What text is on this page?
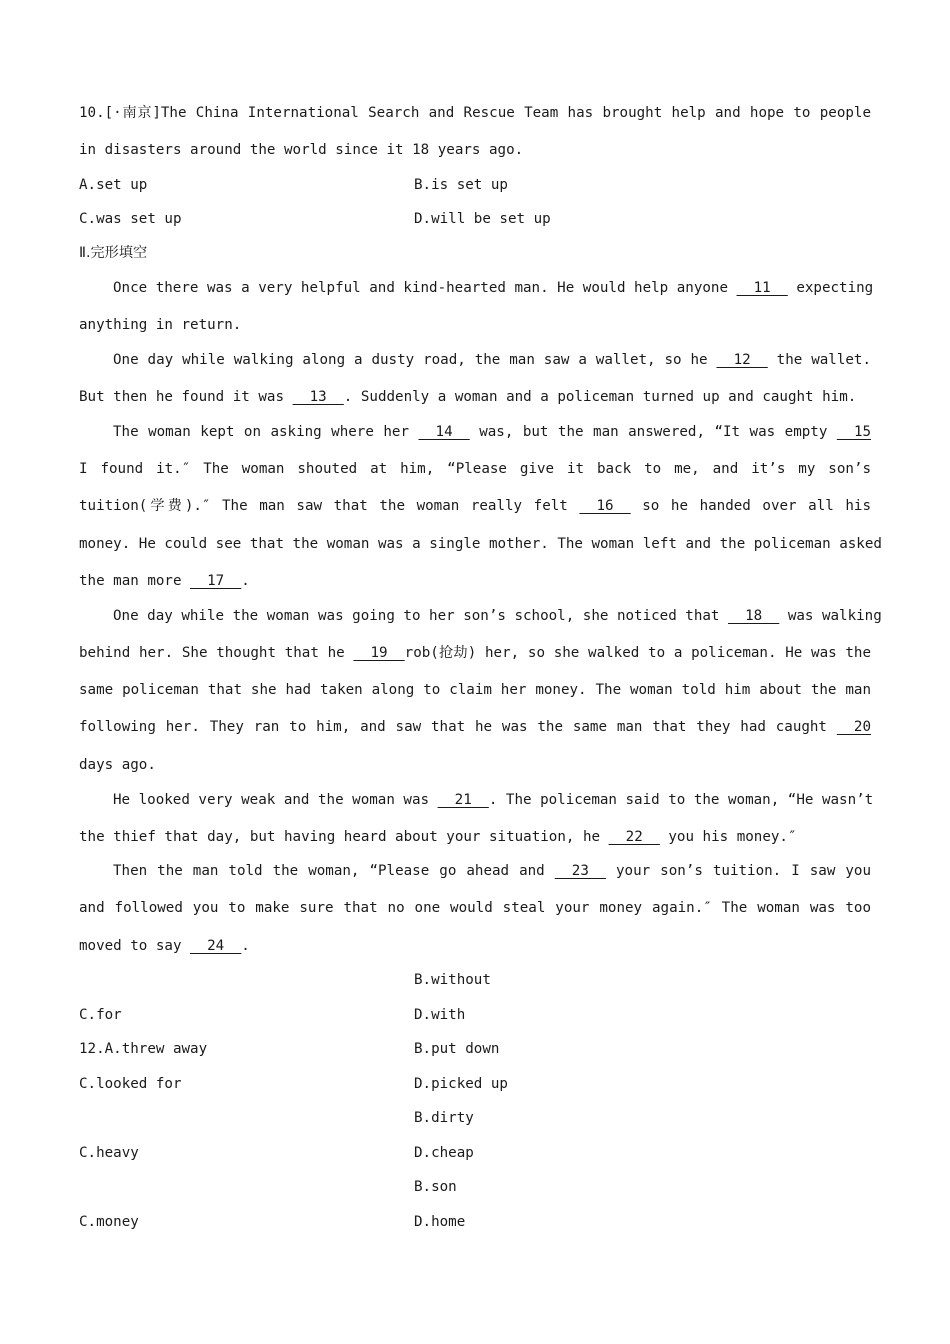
10.[·南京]The China International Search and Rescue Team has brought help and hope to people
in disasters around the world since it 18 years ago.
A.set up	B.is set up
C.was set up	D.will be set up
Ⅱ.完形填空
Once there was a very helpful and kind-hearted man. He would help anyone   11   expecting
anything in return.
One day while walking along a dusty road, the man saw a wallet, so he   12   the wallet.
But then he found it was   13  . Suddenly a woman and a policeman turned up and caught him.
The woman kept on asking where her   14   was, but the man answered, “It was empty   15
I found it.″ The woman shouted at him, “Please give it back to me, and it’s my son’s
tuition(学费).″ The man saw that the woman really felt   16   so he handed over all his
money. He could see that the woman was a single mother. The woman left and the policeman asked
the man more   17  .
One day while the woman was going to her son’s school, she noticed that   18   was walking
behind her. She thought that he   19  rob(抢劫) her, so she walked to a policeman. He was the
same policeman that she had taken along to claim her money. The woman told him about the man
following her. They ran to him, and saw that he was the same man that they had caught   20
days ago.
He looked very weak and the woman was   21  . The policeman said to the woman, “He wasn’t
the thief that day, but having heard about your situation, he   22   you his money.″
Then the man told the woman, “Please go ahead and   23   your son’s tuition. I saw you
and followed you to make sure that no one would steal your money again.″ The woman was too
moved to say   24  .
B.without
C.for	D.with
12.A.threw away	B.put down
C.looked for	D.picked up
B.dirty
C.heavy	D.cheap
B.son
C.money	D.home
